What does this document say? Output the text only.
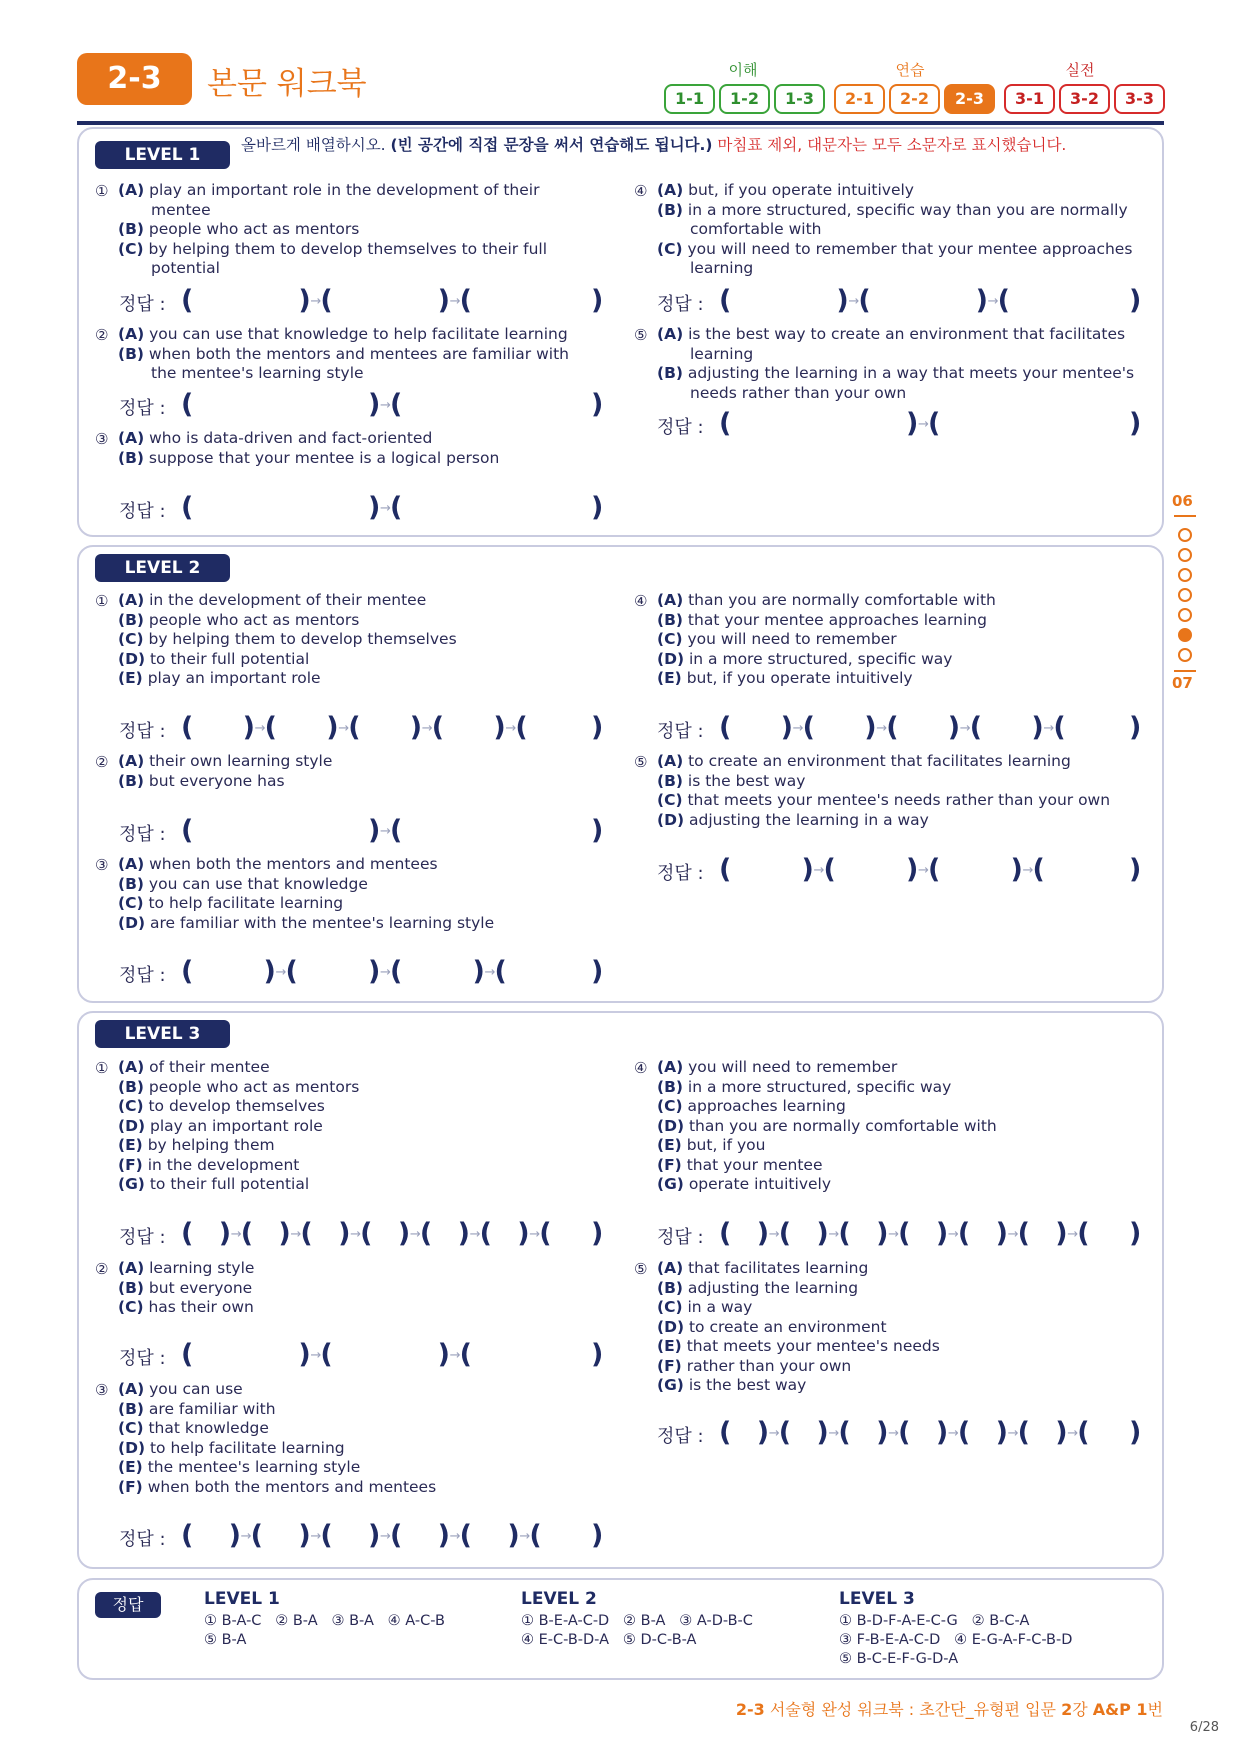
2-3	본문 워크북	이해	연습	실전
1-1	1-2	1-3	2-1	2-2	2-3	3-1	3-2	3-3
LEVEL 1	올바르게 배열하시오. (빈 공간에 직접 문장을 써서 연습해도 됩니다.) 마침표 제외, 대문자는 모두 소문자로 표시했습니다.
① (A) play an important role in the development of their mentee
(B) people who act as mentors
(C) by helping them to develop themselves to their full potential
정답 : (	) → (	) → (	)
② (A) you can use that knowledge to help facilitate learning
(B) when both the mentors and mentees are familiar with the mentee's learning style
정답 : (	) → (	)
③ (A) who is data-driven and fact-oriented
(B) suppose that your mentee is a logical person
정답 : (	) → (	)
④ (A) but, if you operate intuitively
(B) in a more structured, specific way than you are normally comfortable with
(C) you will need to remember that your mentee approaches learning
정답 : (	) → (	) → (	)
⑤ (A) is the best way to create an environment that facilitates learning
(B) adjusting the learning in a way that meets your mentee's needs rather than your own
정답 : (	) → (	)
LEVEL 2
① (A) in the development of their mentee
(B) people who act as mentors
(C) by helping them to develop themselves
(D) to their full potential
(E) play an important role
정답 : ( ) → ( ) → ( ) → ( ) → ( )
② (A) their own learning style
(B) but everyone has
정답 : (	) → (	)
③ (A) when both the mentors and mentees
(B) you can use that knowledge
(C) to help facilitate learning
(D) are familiar with the mentee's learning style
정답 : (	) → (	) → (	) → (	)
④ (A) than you are normally comfortable with
(B) that your mentee approaches learning
(C) you will need to remember
(D) in a more structured, specific way
(E) but, if you operate intuitively
정답 : ( ) → ( ) → ( ) → ( ) → ( )
⑤ (A) to create an environment that facilitates learning
(B) is the best way
(C) that meets your mentee's needs rather than your own
(D) adjusting the learning in a way
정답 : (	) → (	) → (	) → (	)
LEVEL 3
① (A) of their mentee
(B) people who act as mentors
(C) to develop themselves
(D) play an important role
(E) by helping them
(F) in the development
(G) to their full potential
정답 : ( ) → ( ) → ( ) → ( ) → ( ) → ( ) → ( )
② (A) learning style
(B) but everyone
(C) has their own
정답 : (	) → (	) → (	)
③ (A) you can use
(B) are familiar with
(C) that knowledge
(D) to help facilitate learning
(E) the mentee's learning style
(F) when both the mentors and mentees
정답 : ( ) → ( ) → ( ) → ( ) → ( ) → ( )
④ (A) you will need to remember
(B) in a more structured, specific way
(C) approaches learning
(D) than you are normally comfortable with
(E) but, if you
(F) that your mentee
(G) operate intuitively
정답 : ( ) → ( ) → ( ) → ( ) → ( ) → ( ) → ( )
⑤ (A) that facilitates learning
(B) adjusting the learning
(C) in a way
(D) to create an environment
(E) that meets your mentee's needs
(F) rather than your own
(G) is the best way
정답 : ( ) → ( ) → ( ) → ( ) → ( ) → ( ) → ( )
06
07
정답	LEVEL 1
① B-A-C   ② B-A   ③ B-A   ④ A-C-B
⑤ B-A
LEVEL 2
① B-E-A-C-D   ② B-A   ③ A-D-B-C
④ E-C-B-D-A   ⑤ D-C-B-A
LEVEL 3
① B-D-F-A-E-C-G   ② B-C-A
③ F-B-E-A-C-D   ④ E-G-A-F-C-B-D
⑤ B-C-E-F-G-D-A
2-3 서술형 완성 워크북 : 초간단_유형편 입문 2강 A&P 1번
6/28
